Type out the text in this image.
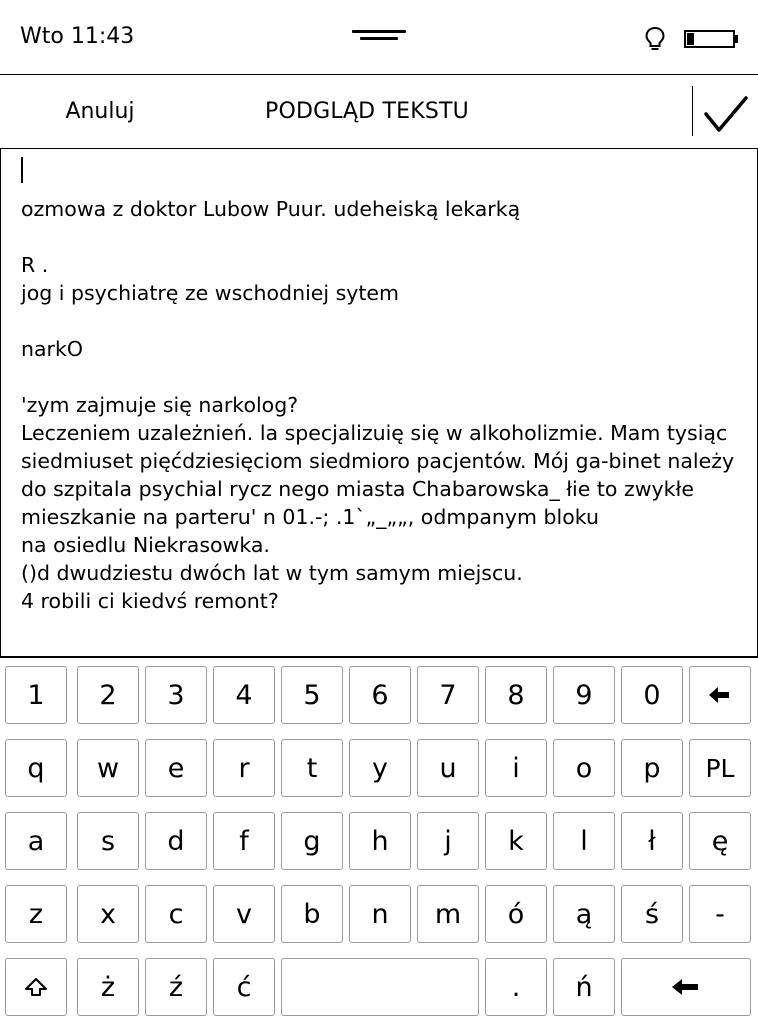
Wto 11:43
Anuluj	PODGLĄD TEKSTU
ozmowa z doktor Lubow Puur. udeheiską lekarką

R .
jog i psychiatrę ze wschodniej sytem

narkO

'zym zajmuje się narkolog?
Leczeniem uzależnień. la specjalizuię się w alkoholizmie. Mam tysiąc siedmiuset pięćdziesięciom siedmioro pacjentów. Mój ga-binet należy do szpitala psychial rycz nego miasta Chabarowska_ łie to zwykłe mieszkanie na parteru' n 01.-; .1`„_„„, odmpanym bloku
na osiedlu Niekrasowka.
()d dwudziestu dwóch lat w tym samym miejscu.
4 robili ci kiedvś remont?
1	2	3	4	5	6	7	8	9	0
q	w	e	r	t	y	u	i	o	p	PL
a	s	d	f	g	h	j	k	l	ł	ę
z	x	c	v	b	n	m	ó	ą	ś	-
ż	ź	ć	.	ń
